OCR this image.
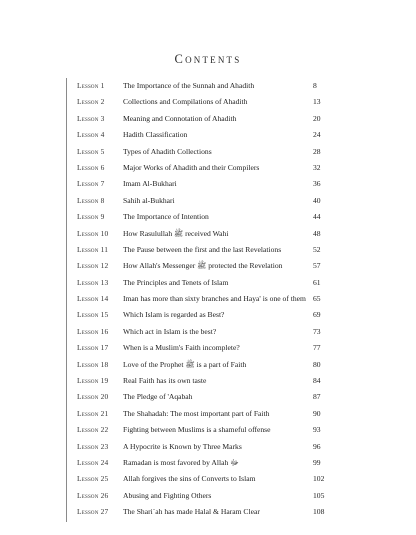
Contents
Lesson 1	The Importance of the Sunnah and Ahadith	8
Lesson 2	Collections and Compilations of Ahadith	13
Lesson 3	Meaning and Connotation of Ahadith	20
Lesson 4	Hadith Classification	24
Lesson 5	Types of Ahadith Collections	28
Lesson 6	Major Works of Ahadith and their Compilers	32
Lesson 7	Imam Al-Bukhari	36
Lesson 8	Sahih al-Bukhari	40
Lesson 9	The Importance of Intention	44
Lesson 10	How Rasulullah ﷺ received Wahi	48
Lesson 11	The Pause between the first and the last Revelations	52
Lesson 12	How Allah's Messenger ﷺ protected the Revelation	57
Lesson 13	The Principles and Tenets of Islam	61
Lesson 14	Iman has more than sixty branches and Haya' is one of them 65
Lesson 15	Which Islam is regarded as Best?	69
Lesson 16	Which act in Islam is the best?	73
Lesson 17	When is a Muslim's Faith incomplete?	77
Lesson 18	Love of the Prophet ﷺ is a part of Faith	80
Lesson 19	Real Faith has its own taste	84
Lesson 20	The Pledge of 'Aqabah	87
Lesson 21	The Shahadah: The most important part of Faith	90
Lesson 22	Fighting between Muslims is a shameful offense	93
Lesson 23	A Hypocrite is Known by Three Marks	96
Lesson 24	Ramadan is most favored by Allah ﷻ	99
Lesson 25	Allah forgives the sins of Converts to Islam	102
Lesson 26	Abusing and Fighting Others	105
Lesson 27	The Shari`ah has made Halal & Haram Clear	108
